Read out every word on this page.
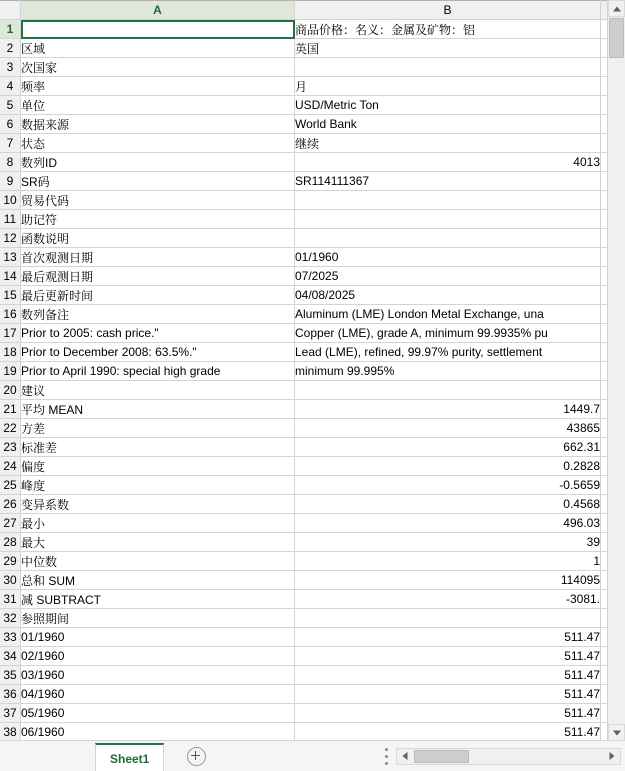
	A	B	
1		商品价格：名义：金属及矿物：铝	
2	区域	英国	
3	次国家		
4	频率	月	
5	单位	USD/Metric Ton	
6	数据来源	World Bank	
7	状态	继续	
8	数列ID	4013	
9	SR码	SR114111367	
10	贸易代码		
11	助记符		
12	函数说明		
13	首次观测日期	01/1960	
14	最后观测日期	07/2025	
15	最后更新时间	04/08/2025	
16	数列备注	Aluminum (LME) London Metal Exchange, una	
17	Prior to 2005: cash price."	Copper (LME), grade A, minimum 99.9935% pu	
18	Prior to December 2008: 63.5%."	Lead (LME), refined, 99.97% purity, settlement	
19	Prior to April 1990: special high grade	minimum 99.995%	
20	建议		
21	平均 MEAN	1449.7	
22	方差	43865	
23	标准差	662.31	
24	偏度	0.2828	
25	峰度	-0.5659	
26	变异系数	0.4568	
27	最小	496.03	
28	最大	39	
29	中位数	1	
30	总和 SUM	114095	
31	减 SUBTRACT	-3081.	
32	参照期间		
33	01/1960	511.47	
34	02/1960	511.47	
35	03/1960	511.47	
36	04/1960	511.47	
37	05/1960	511.47	
38	06/1960	511.47	
Sheet1
